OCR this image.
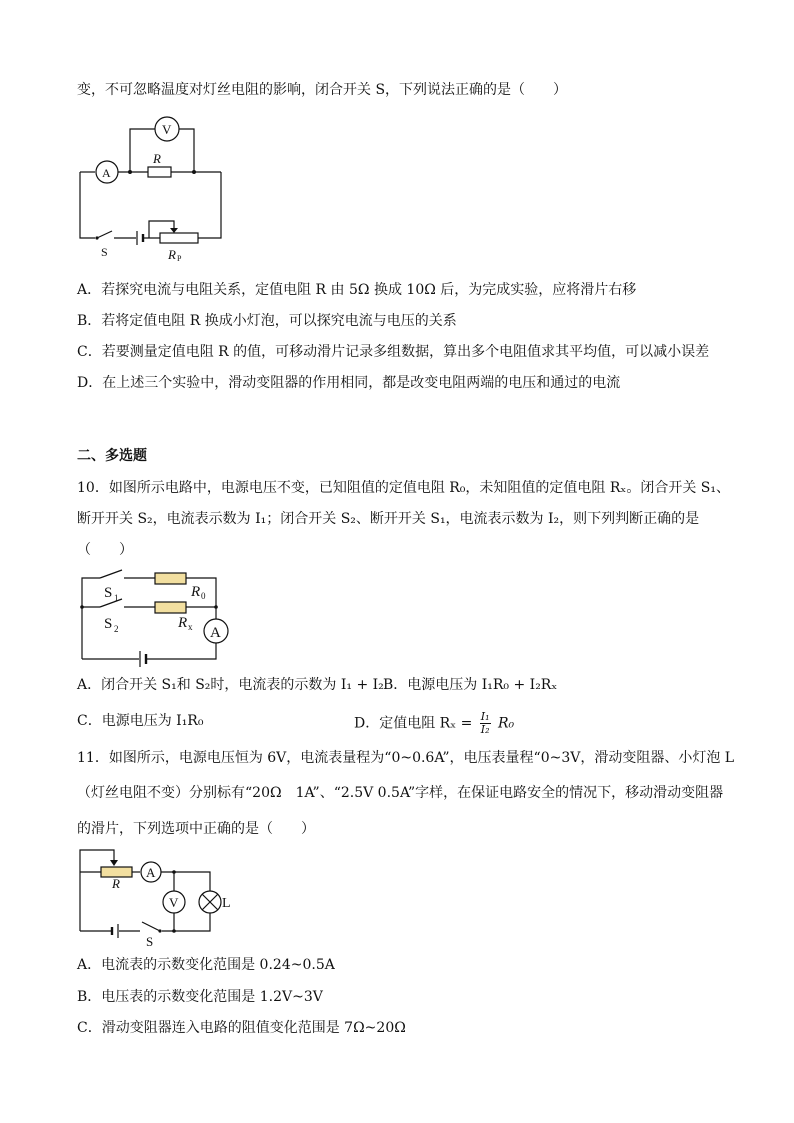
变，不可忽略温度对灯丝电阻的影响，闭合开关 S，下列说法正确的是（　　）
V
A
R
S	R P
A．若探究电流与电阻关系，定值电阻 R 由 5Ω 换成 10Ω 后，为完成实验，应将滑片右移
B．若将定值电阻 R 换成小灯泡，可以探究电流与电压的关系
C．若要测量定值电阻 R 的值，可移动滑片记录多组数据，算出多个电阻值求其平均值，可以减小误差
D．在上述三个实验中，滑动变阻器的作用相同，都是改变电阻两端的电压和通过的电流
二、多选题
10．如图所示电路中，电源电压不变，已知阻值的定值电阻 R₀，未知阻值的定值电阻 Rₓ。闭合开关 S₁、
断开开关 S₂，电流表示数为 I₁；闭合开关 S₂、断开开关 S₁，电流表示数为 I₂，则下列判断正确的是
（　　）
S 1	R 0
S 2	R x A
A．闭合开关 S₁和 S₂时，电流表的示数为 I₁ + I₂ B．电源电压为 I₁R₀ + I₂Rₓ
C．电源电压为 I₁R₀	D．定值电阻 $R_x = \frac{\text{I₁}}{\text{I₂}} R_0$
11．如图所示，电源电压恒为 6V，电流表量程为“0~0.6A”，电压表量程“0~3V，滑动变阻器、小灯泡 L
（灯丝电阻不变）分别标有“20Ω　1A”、“2.5V 0.5A”字样，在保证电路安全的情况下，移动滑动变阻器
的滑片，下列选项中正确的是（　　）
R
A
V	L
S
A．电流表的示数变化范围是 0.24~0.5A
B．电压表的示数变化范围是 1.2V~3V
C．滑动变阻器连入电路的阻值变化范围是 7Ω~20Ω
